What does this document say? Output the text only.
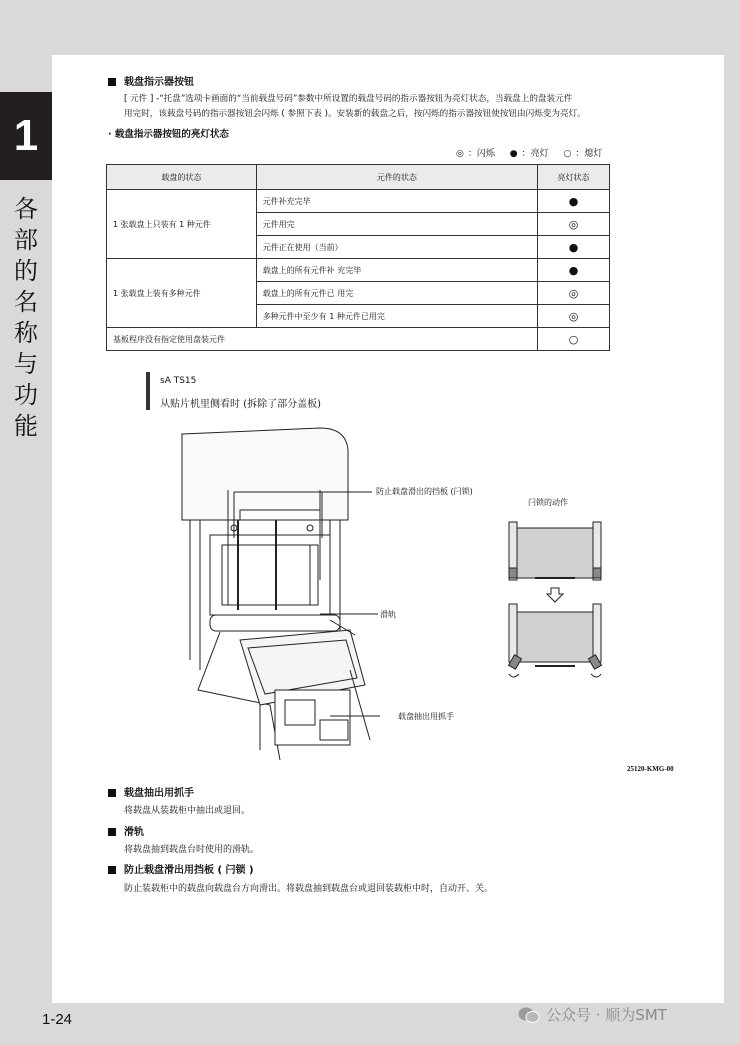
1
各部的名称与功能
1-24	公众号 · 顺为SMT
载盘指示器按钮
[ 元件 ] -“托盘”选项卡画面的“当前载盘号码”参数中所设置的载盘号码的指示器按钮为亮灯状态，当载盘上的盘装元件
用完时，该载盘号码的指示器按钮会闪烁 ( 参照下表 )。安装新的载盘之后，按闪烁的指示器按钮使按钮由闪烁变为亮灯。
· 载盘指示器按钮的亮灯状态
◎ ：闪烁 ● ：亮灯 ○ ：熄灯
载盘的状态	元件的状态	亮灯状态
1 张载盘上只装有 1 种元件	元件补充完毕	●
	元件用完	◎
	元件正在使用（当前）	●
1 张载盘上装有多种元件	载盘上的所有元件补 充完毕	●
	载盘上的所有元件已 用完	◎
	多种元件中至少有 1 种元件已用完	◎
基板程序没有指定使用盘装元件		○
sA TS15
从贴片机里侧看时 (拆除了部分盖板)
防止载盘滑出的挡板 (闩锁)
滑轨
载盘抽出用抓手
闩锁的动作
25120-KMG-00
载盘抽出用抓手
将载盘从装载柜中抽出或退回。
滑轨
将载盘抽到载盘台时使用的滑轨。
防止载盘滑出用挡板 ( 闩锁 )
防止装载柜中的载盘向载盘台方向滑出。将载盘抽到载盘台或退回装载柜中时，自动开、关。
